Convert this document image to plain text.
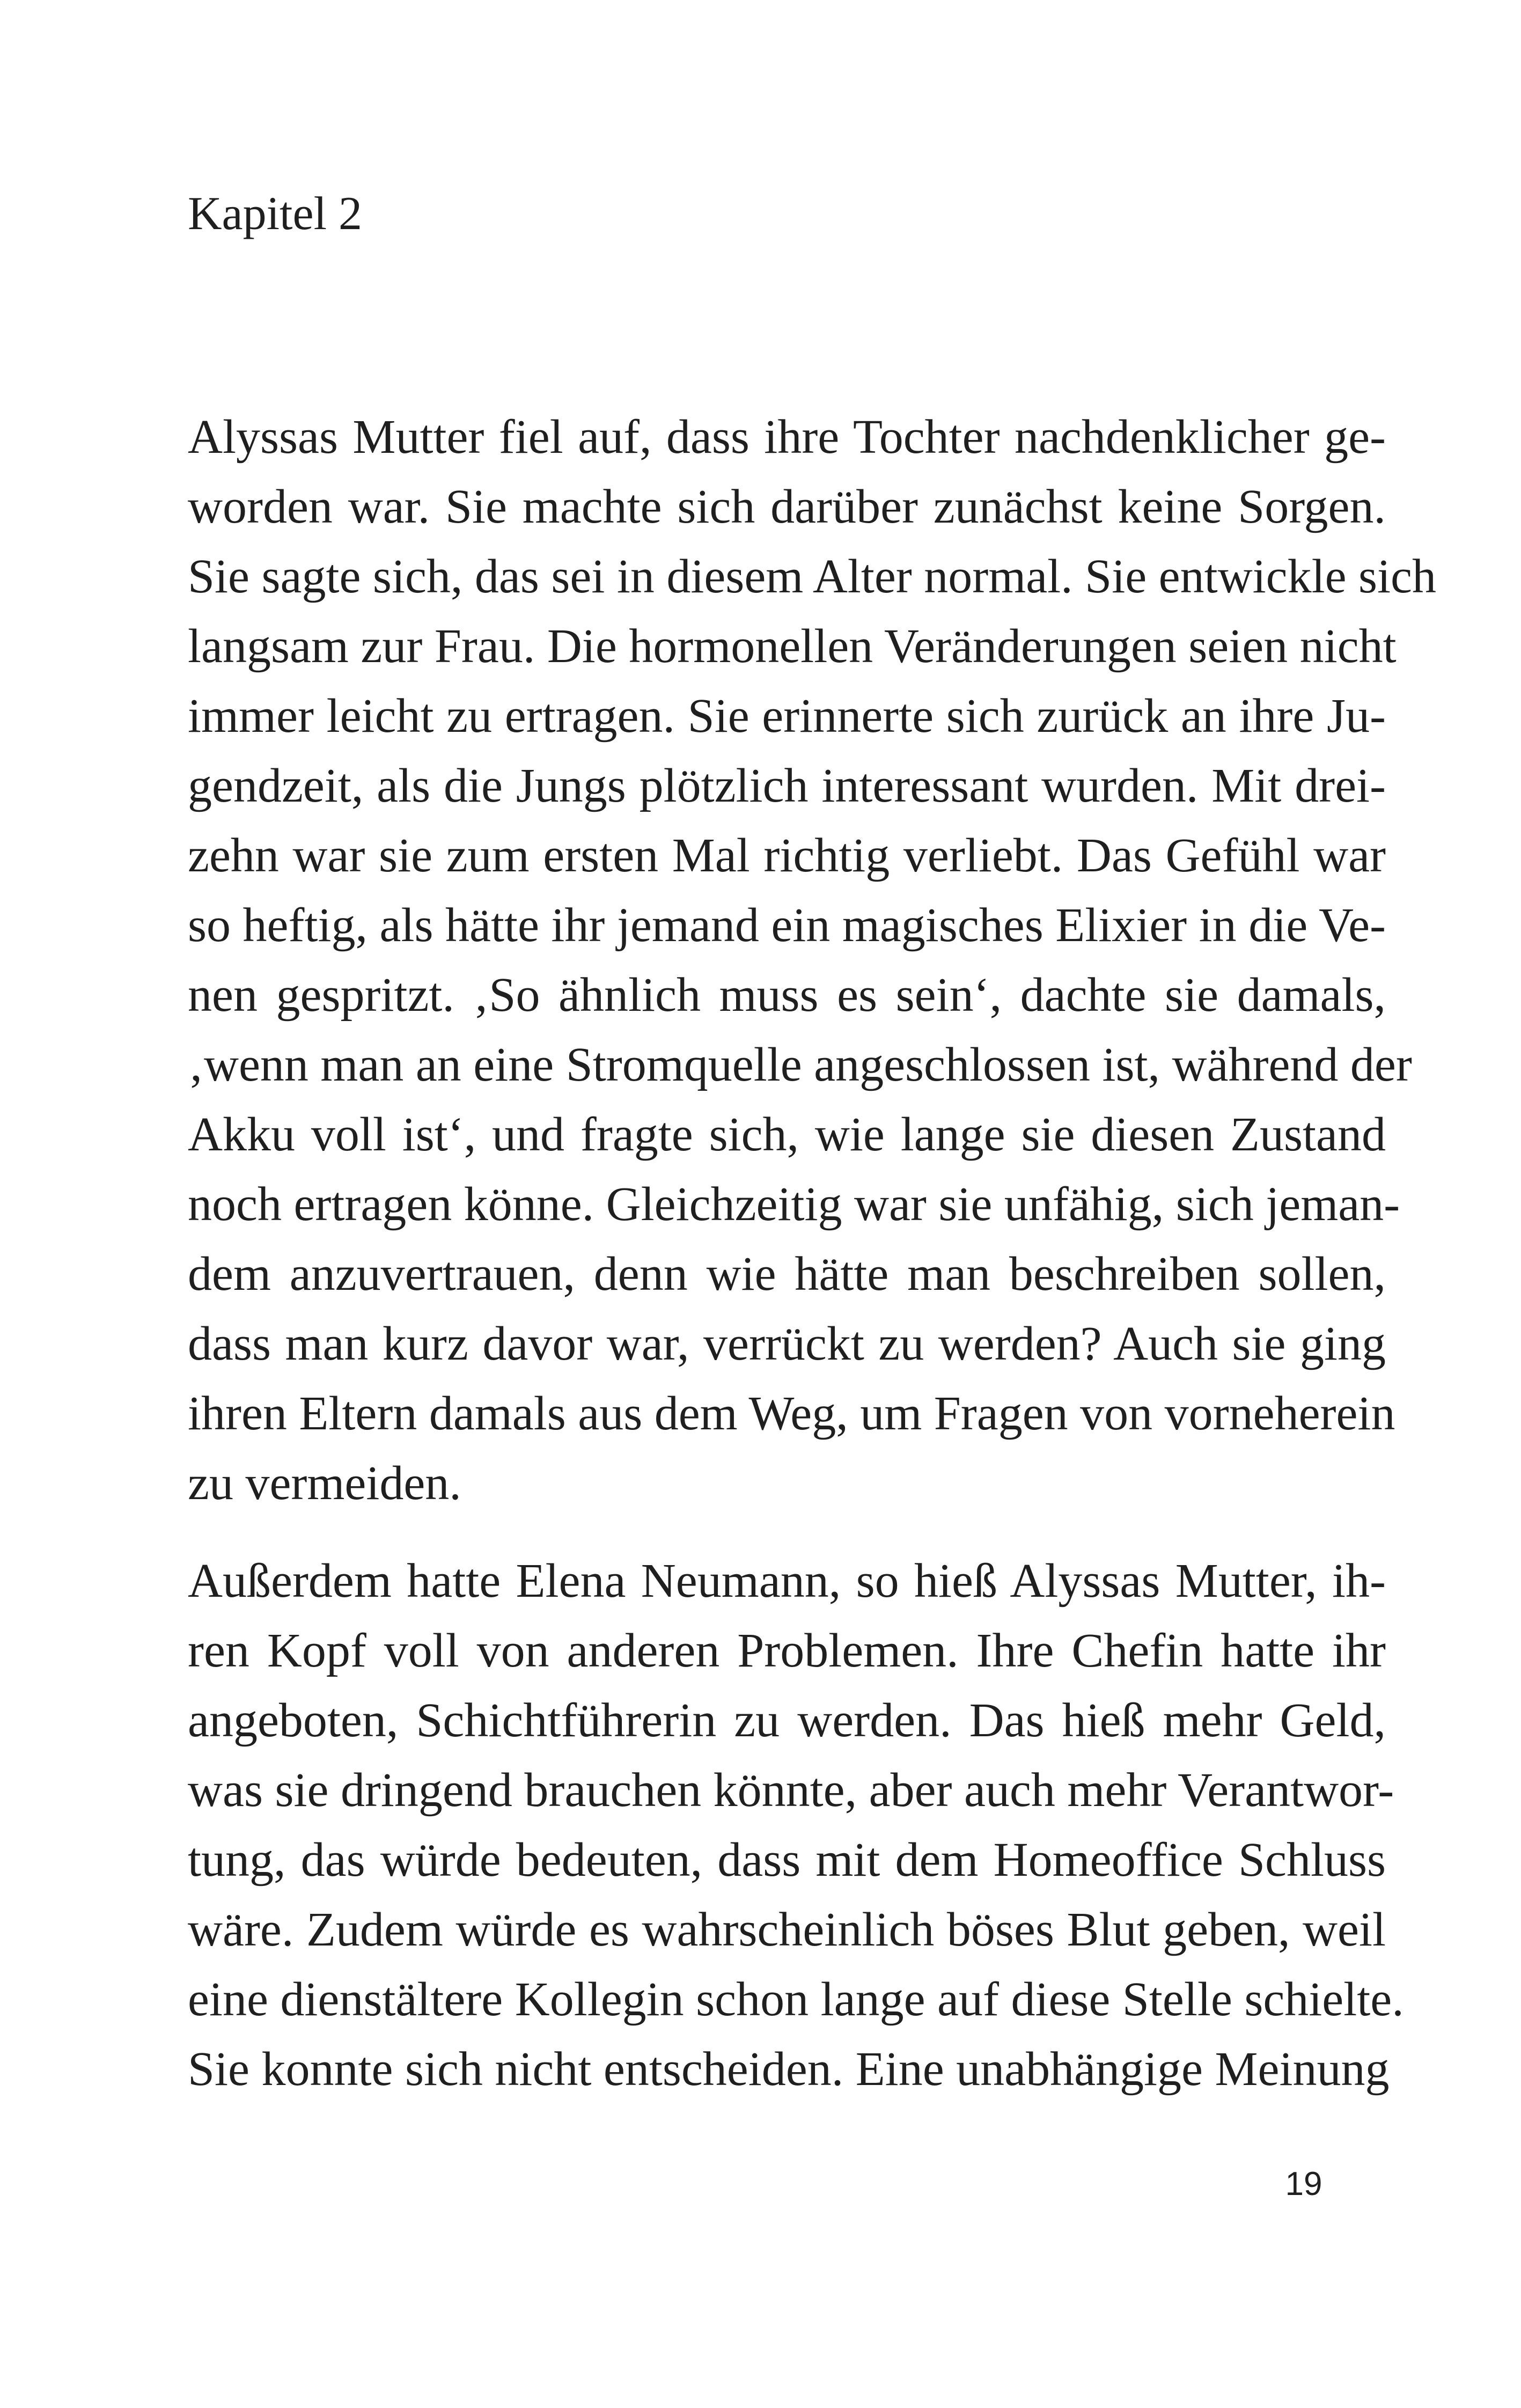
Kapitel 2
Alyssas Mutter fiel auf, dass ihre Tochter nachdenklicher ge-
worden war. Sie machte sich darüber zunächst keine Sorgen.
Sie sagte sich, das sei in diesem Alter normal. Sie entwickle sich
langsam zur Frau. Die hormonellen Veränderungen seien nicht
immer leicht zu ertragen. Sie erinnerte sich zurück an ihre Ju-
gendzeit, als die Jungs plötzlich interessant wurden. Mit drei-
zehn war sie zum ersten Mal richtig verliebt. Das Gefühl war
so heftig, als hätte ihr jemand ein magisches Elixier in die Ve-
nen gespritzt. ‚So ähnlich muss es sein‘, dachte sie damals,
‚wenn man an eine Stromquelle angeschlossen ist, während der
Akku voll ist‘, und fragte sich, wie lange sie diesen Zustand
noch ertragen könne. Gleichzeitig war sie unfähig, sich jeman-
dem anzuvertrauen, denn wie hätte man beschreiben sollen,
dass man kurz davor war, verrückt zu werden? Auch sie ging
ihren Eltern damals aus dem Weg, um Fragen von vorneherein
zu vermeiden.
Außerdem hatte Elena Neumann, so hieß Alyssas Mutter, ih-
ren Kopf voll von anderen Problemen. Ihre Chefin hatte ihr
angeboten, Schichtführerin zu werden. Das hieß mehr Geld,
was sie dringend brauchen könnte, aber auch mehr Verantwor-
tung, das würde bedeuten, dass mit dem Homeoffice Schluss
wäre. Zudem würde es wahrscheinlich böses Blut geben, weil
eine dienstältere Kollegin schon lange auf diese Stelle schielte.
Sie konnte sich nicht entscheiden. Eine unabhängige Meinung
19
